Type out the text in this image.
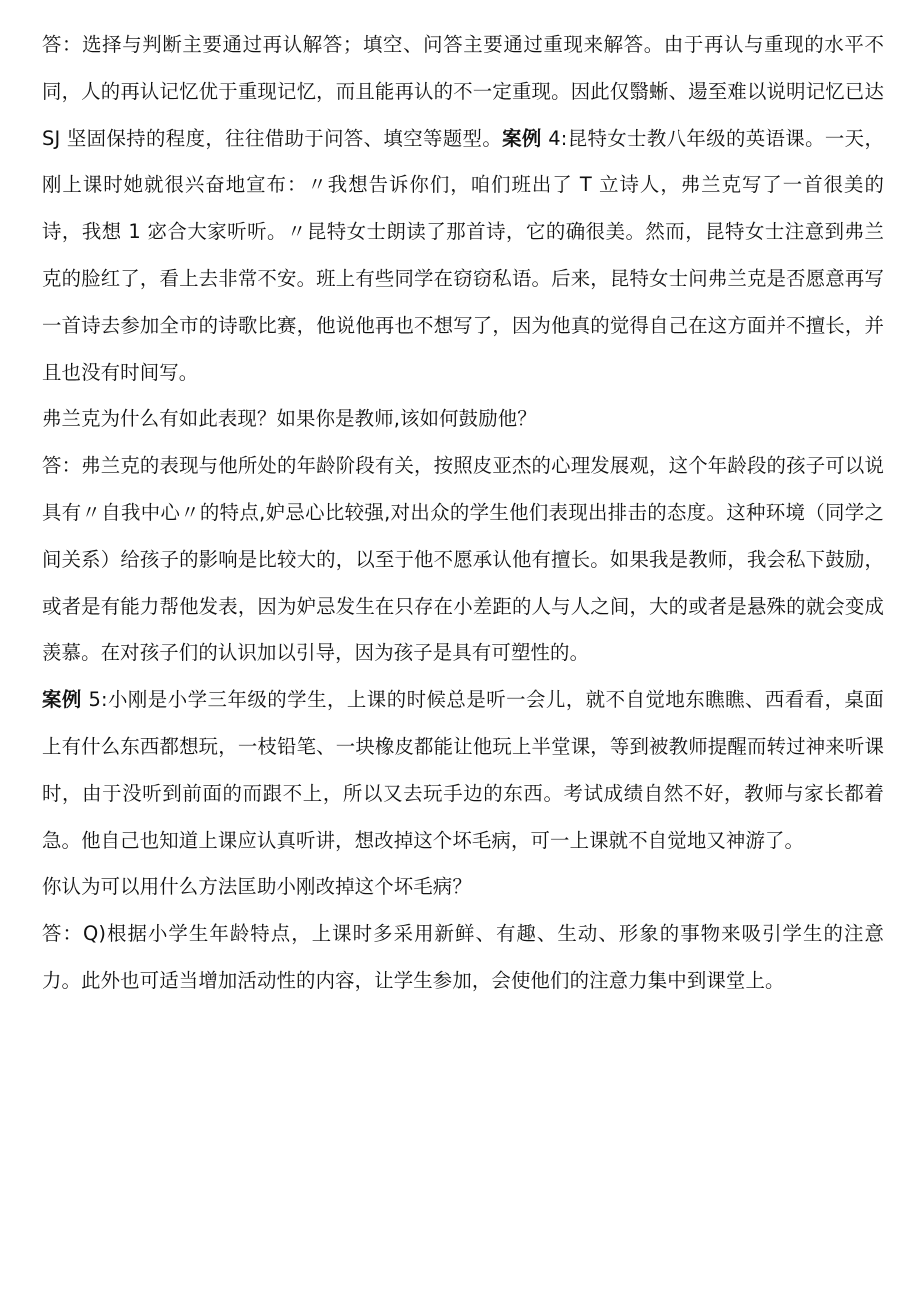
答：选择与判断主要通过再认解答；填空、问答主要通过重现来解答。由于再认与重现的水平不同，人的再认记忆优于重现记忆，而且能再认的不一定重现。因此仅翳蜥、逿至难以说明记忆已达 SJ 坚固保持的程度，往往借助于问答、填空等题型。案例 4:昆特女士教八年级的英语课。一天，刚上课时她就很兴奋地宣布：〃我想告诉你们，咱们班出了 T 立诗人，弗兰克写了一首很美的诗，我想 1 宓合大家听听。〃昆特女士朗读了那首诗，它的确很美。然而，昆特女士注意到弗兰克的脸红了，看上去非常不安。班上有些同学在窃窃私语。后来，昆特女士问弗兰克是否愿意再写一首诗去参加全市的诗歌比赛，他说他再也不想写了，因为他真的觉得自己在这方面并不擅长，并且也没有时间写。

弗兰克为什么有如此表现？如果你是教师,该如何鼓励他？

答：弗兰克的表现与他所处的年龄阶段有关，按照皮亚杰的心理发展观，这个年龄段的孩子可以说具有〃自我中心〃的特点,妒忌心比较强,对出众的学生他们表现出排击的态度。这种环境（同学之间关系）给孩子的影响是比较大的，以至于他不愿承认他有擅长。如果我是教师，我会私下鼓励，或者是有能力帮他发表，因为妒忌发生在只存在小差距的人与人之间，大的或者是悬殊的就会变成羡慕。在对孩子们的认识加以引导，因为孩子是具有可塑性的。

案例 5:小刚是小学三年级的学生，上课的时候总是听一会儿，就不自觉地东瞧瞧、西看看，桌面上有什么东西都想玩，一枝铅笔、一块橡皮都能让他玩上半堂课，等到被教师提醒而转过神来听课时，由于没听到前面的而跟不上，所以又去玩手边的东西。考试成绩自然不好，教师与家长都着急。他自己也知道上课应认真听讲，想改掉这个坏毛病，可一上课就不自觉地又神游了。

你认为可以用什么方法匡助小刚改掉这个坏毛病？

答：Q)根据小学生年龄特点，上课时多采用新鲜、有趣、生动、形象的事物来吸引学生的注意力。此外也可适当增加活动性的内容，让学生参加，会使他们的注意力集中到课堂上。
